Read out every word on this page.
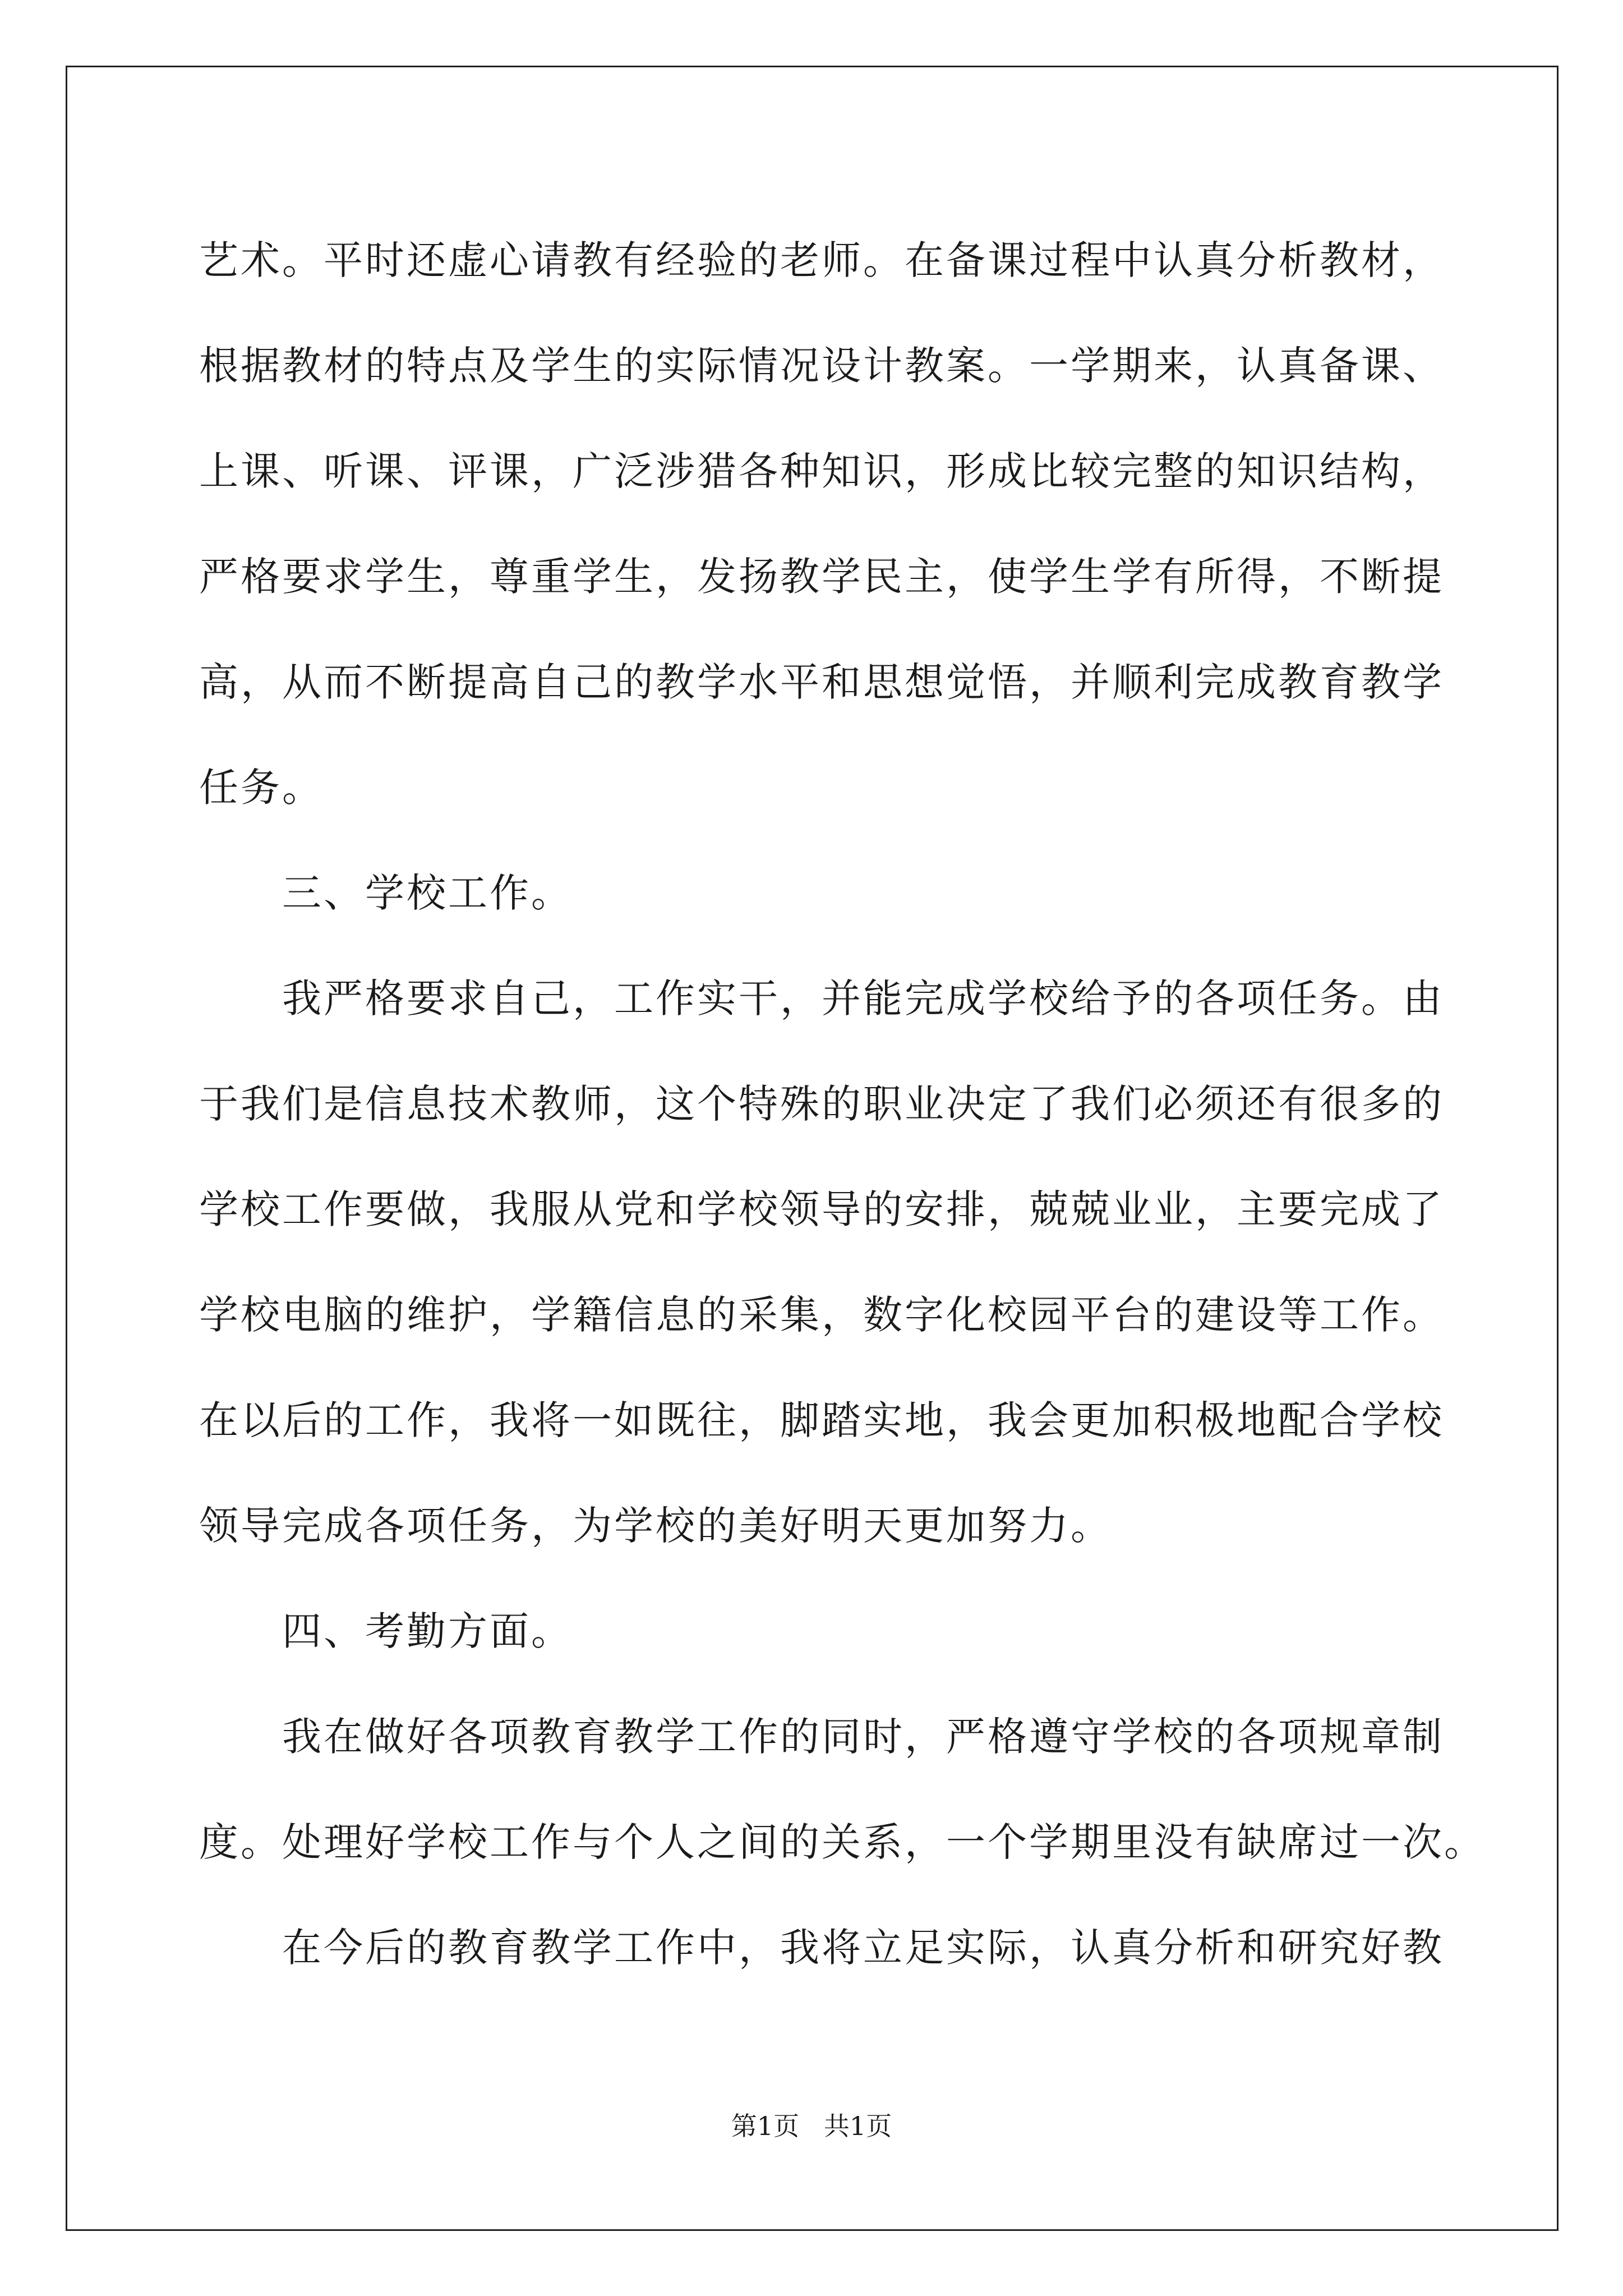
艺术。平时还虚心请教有经验的老师。在备课过程中认真分析教材，
根据教材的特点及学生的实际情况设计教案。一学期来，认真备课、
上课、听课、评课，广泛涉猎各种知识，形成比较完整的知识结构，
严格要求学生，尊重学生，发扬教学民主，使学生学有所得，不断提
高，从而不断提高自己的教学水平和思想觉悟，并顺利完成教育教学
任务。
三、学校工作。
我严格要求自己，工作实干，并能完成学校给予的各项任务。由
于我们是信息技术教师，这个特殊的职业决定了我们必须还有很多的
学校工作要做，我服从党和学校领导的安排，兢兢业业，主要完成了
学校电脑的维护，学籍信息的采集，数字化校园平台的建设等工作。
在以后的工作，我将一如既往，脚踏实地，我会更加积极地配合学校
领导完成各项任务，为学校的美好明天更加努力。
四、考勤方面。
我在做好各项教育教学工作的同时，严格遵守学校的各项规章制
度。处理好学校工作与个人之间的关系，一个学期里没有缺席过一次。
在今后的教育教学工作中，我将立足实际，认真分析和研究好教
第1页   共1页
